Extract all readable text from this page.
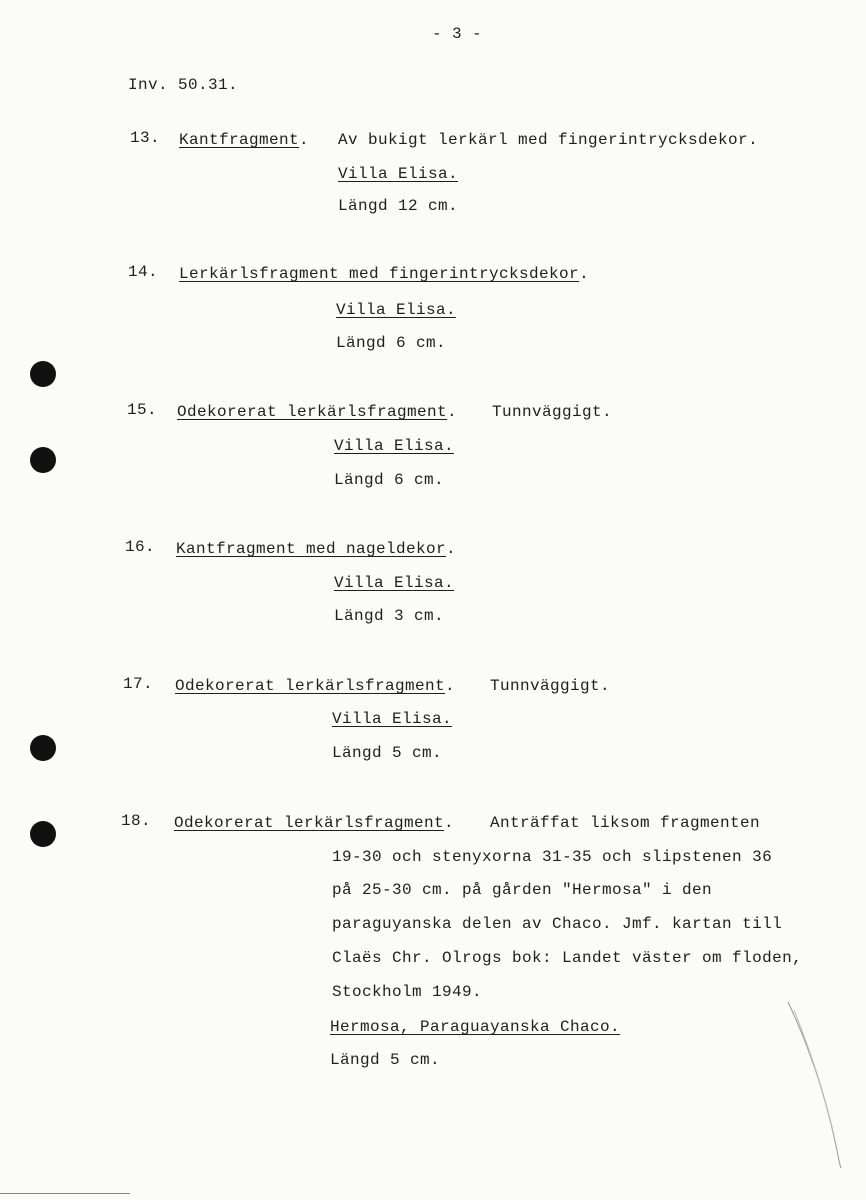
- 3 -
Inv. 50.31.
13. Kantfragment. Av bukigt lerkärl med fingerintrycksdekor.
Villa Elisa.
Längd 12 cm.
14. Lerkärlsfragment med fingerintrycksdekor.
Villa Elisa.
Längd 6 cm.
15. Odekorerat lerkärlsfragment. Tunnväggigt.
Villa Elisa.
Längd 6 cm.
16. Kantfragment med nageldekor.
Villa Elisa.
Längd 3 cm.
17. Odekorerat lerkärlsfragment. Tunnväggigt.
Villa Elisa.
Längd 5 cm.
18. Odekorerat lerkärlsfragment. Anträffat liksom fragmenten
19-30 och stenyxorna 31-35 och slipstenen 36
på 25-30 cm. på gården "Hermosa" i den
paraguyanska delen av Chaco. Jmf. kartan till
Claës Chr. Olrogs bok: Landet väster om floden,
Stockholm 1949.
Hermosa, Paraguayanska Chaco.
Längd 5 cm.
